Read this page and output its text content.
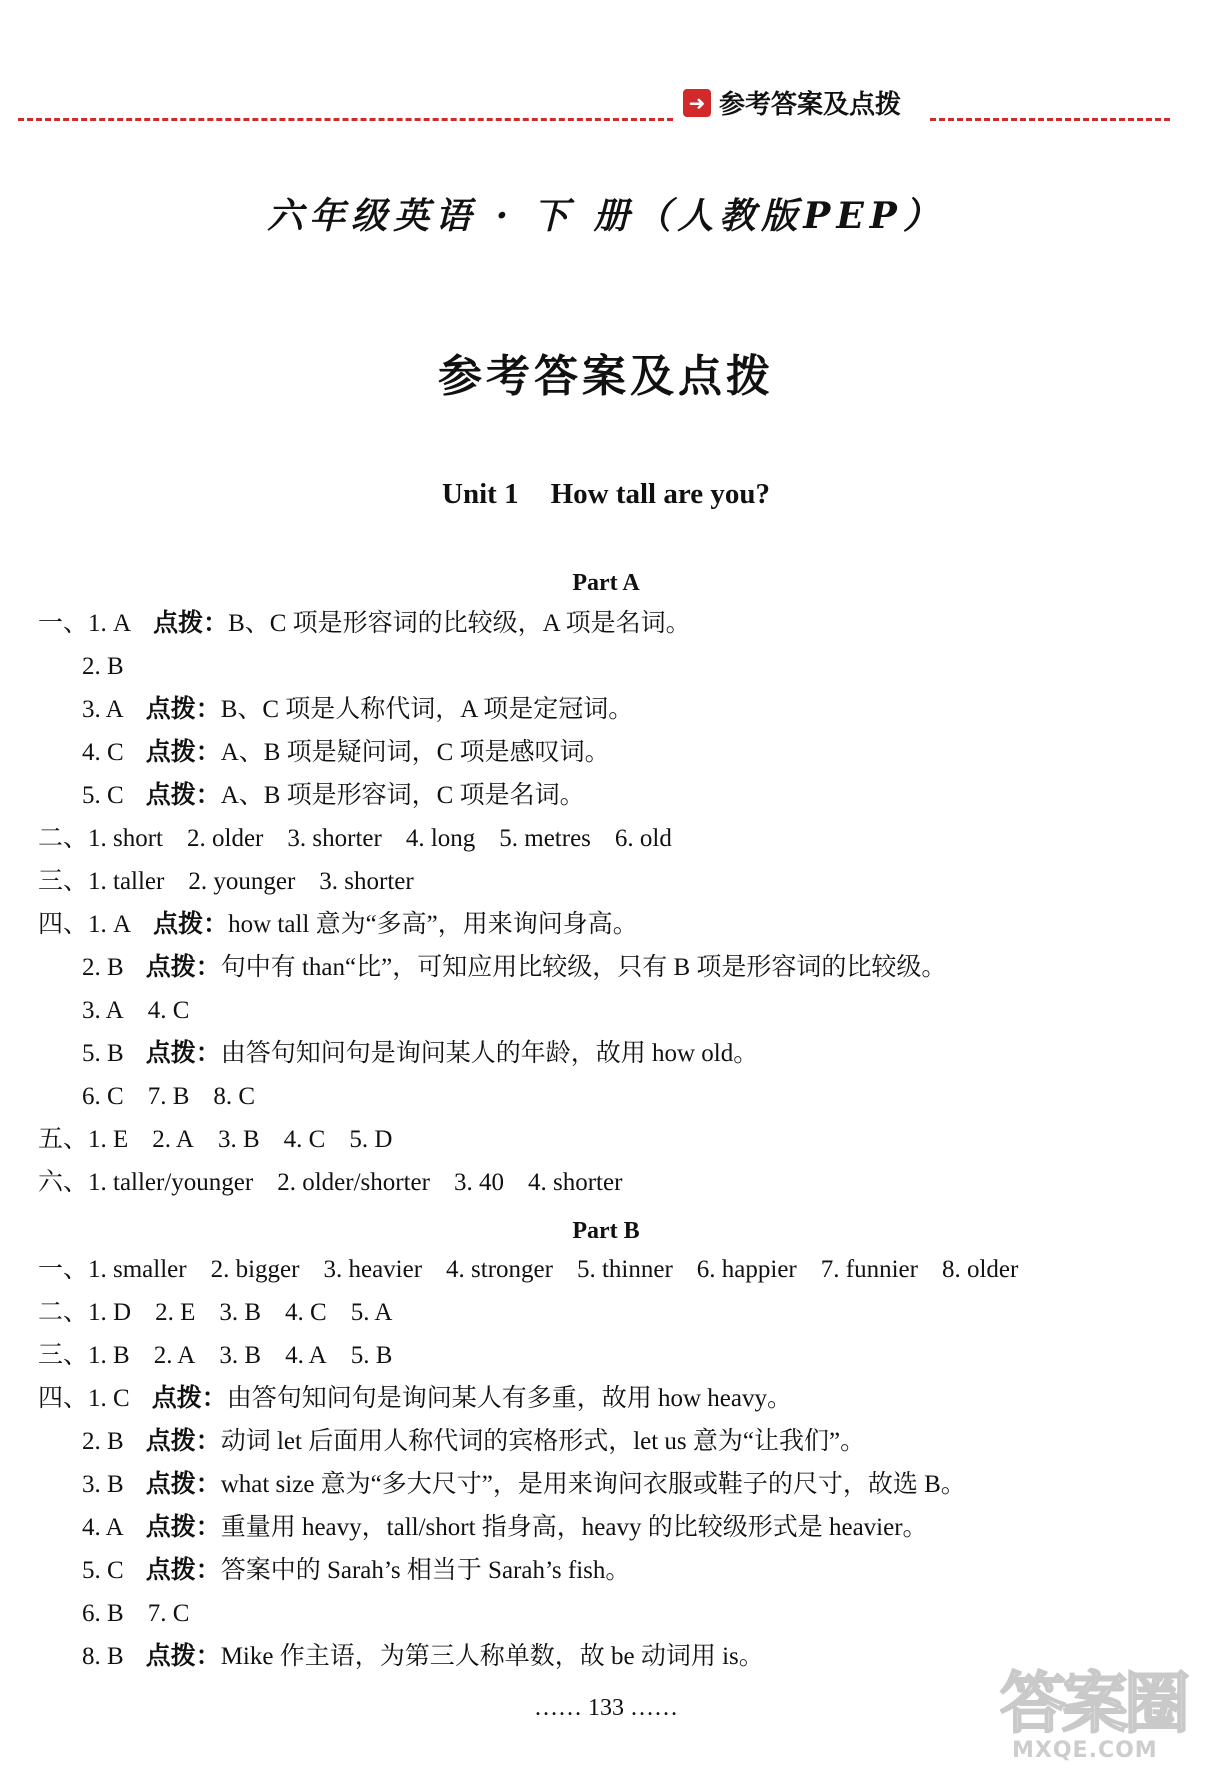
➜ 参考答案及点拨
六年级英语 · 下 册（人教版PEP）
参考答案及点拨
Unit 1 How tall are you?
Part A
一、1. A 点拨：B、C 项是形容词的比较级，A 项是名词。
2. B
3. A 点拨：B、C 项是人称代词，A 项是定冠词。
4. C 点拨：A、B 项是疑问词，C 项是感叹词。
5. C 点拨：A、B 项是形容词，C 项是名词。
二、1. short 2. older 3. shorter 4. long 5. metres 6. old
三、1. taller 2. younger 3. shorter
四、1. A 点拨：how tall 意为“多高”，用来询问身高。
2. B 点拨：句中有 than“比”，可知应用比较级，只有 B 项是形容词的比较级。
3. A 4. C
5. B 点拨：由答句知问句是询问某人的年龄，故用 how old。
6. C 7. B 8. C
五、1. E 2. A 3. B 4. C 5. D
六、1. taller/younger 2. older/shorter 3. 40 4. shorter
Part B
一、1. smaller 2. bigger 3. heavier 4. stronger 5. thinner 6. happier 7. funnier 8. older
二、1. D 2. E 3. B 4. C 5. A
三、1. B 2. A 3. B 4. A 5. B
四、1. C 点拨：由答句知问句是询问某人有多重，故用 how heavy。
2. B 点拨：动词 let 后面用人称代词的宾格形式，let us 意为“让我们”。
3. B 点拨：what size 意为“多大尺寸”，是用来询问衣服或鞋子的尺寸，故选 B。
4. A 点拨：重量用 heavy，tall/short 指身高，heavy 的比较级形式是 heavier。
5. C 点拨：答案中的 Sarah’s 相当于 Sarah’s fish。
6. B 7. C
8. B 点拨：Mike 作主语，为第三人称单数，故 be 动词用 is。
…… 133 ……	答案圈
MXQE.COM
